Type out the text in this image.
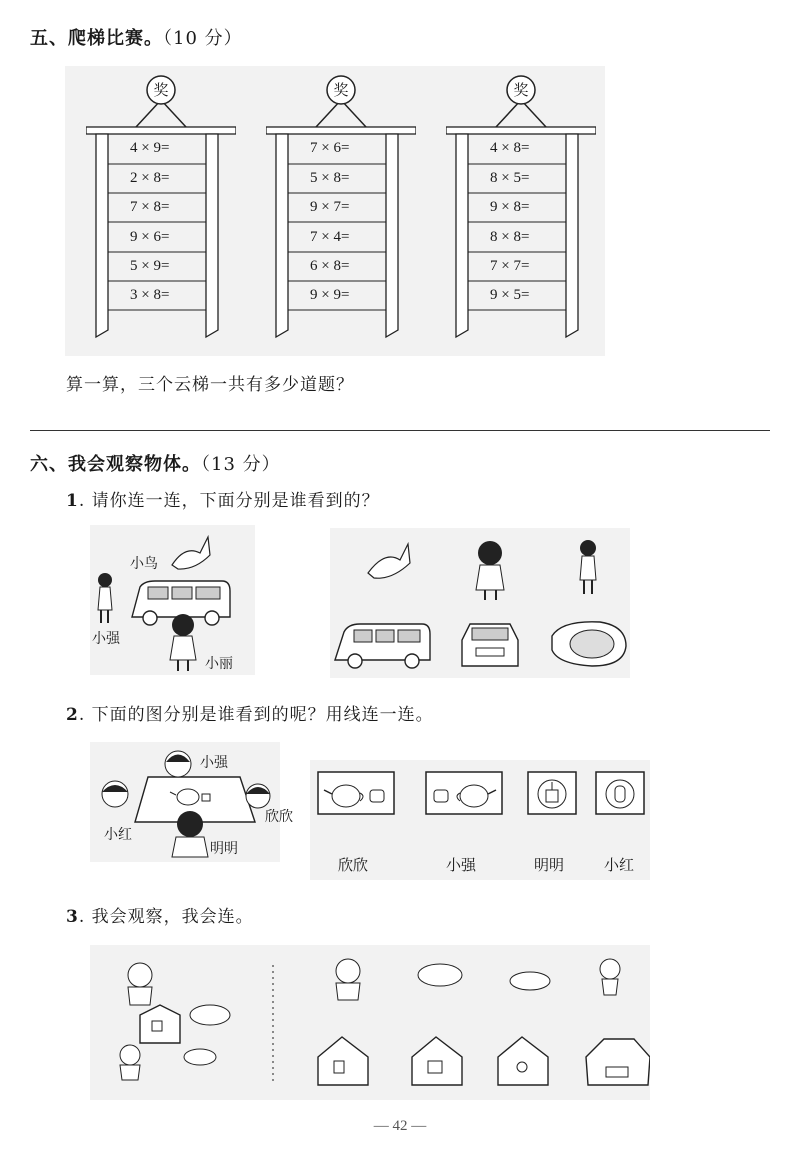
五、爬梯比赛。（10 分）
奖
4 × 9=
2 × 8=
7 × 8=
9 × 6=
5 × 9=
3 × 8=
奖
7 × 6=
5 × 8=
9 × 7=
7 × 4=
6 × 8=
9 × 9=
奖
4 × 8=
8 × 5=
9 × 8=
8 × 8=
7 × 7=
9 × 5=
算一算，三个云梯一共有多少道题？
六、我会观察物体。（13 分）
1. 请你连一连，下面分别是谁看到的？
小鸟
小强
小丽
2. 下面的图分别是谁看到的呢？用线连一连。
小强
欣欣
小红
明明
欣欣	小强	明明	小红
3. 我会观察，我会连。
— 42 —
